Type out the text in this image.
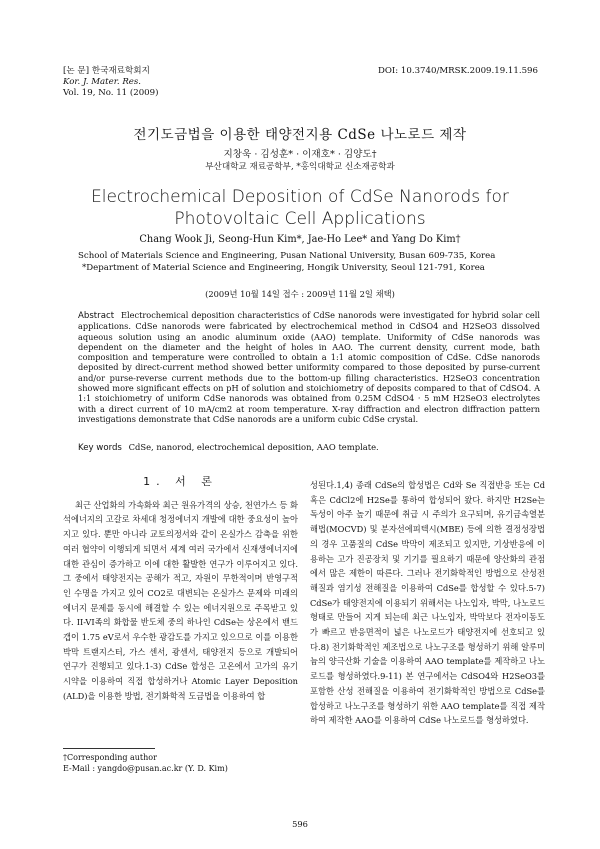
[논 문] 한국재료학회지
Kor. J. Mater. Res.
Vol. 19, No. 11 (2009)
DOI: 10.3740/MRSK.2009.19.11.596
전기도금법을 이용한 태양전지용 CdSe 나노로드 제작
지창욱 · 김성훈* · 이재호* · 김양도†
부산대학교 재료공학부, *홍익대학교 신소재공학과
Electrochemical Deposition of CdSe Nanorods for
Photovoltaic Cell Applications
Chang Wook Ji, Seong-Hun Kim*, Jae-Ho Lee* and Yang Do Kim†
School of Materials Science and Engineering, Pusan National University, Busan 609-735, Korea
*Department of Material Science and Engineering, Hongik University, Seoul 121-791, Korea
(2009년 10월 14일 접수 : 2009년 11월 2일 채택)
Abstract Electrochemical deposition characteristics of CdSe nanorods were investigated for hybrid solar cell applications. CdSe nanorods were fabricated by electrochemical method in CdSO4 and H2SeO3 dissolved aqueous solution using an anodic aluminum oxide (AAO) template. Uniformity of CdSe nanorods was dependent on the diameter and the height of holes in AAO. The current density, current mode, bath composition and temperature were controlled to obtain a 1:1 atomic composition of CdSe. CdSe nanorods deposited by direct-current method showed better uniformity compared to those deposited by purse-current and/or purse-reverse current methods due to the bottom-up filling characteristics. H2SeO3 concentration showed more significant effects on pH of solution and stoichiometry of deposits compared to that of CdSO4. A 1:1 stoichiometry of uniform CdSe nanorods was obtained from 0.25M CdSO4 · 5 mM H2SeO3 electrolytes with a direct current of 10 mA/cm2 at room temperature. X-ray diffraction and electron diffraction pattern investigations demonstrate that CdSe nanorods are a uniform cubic CdSe crystal.
Key words CdSe, nanorod, electrochemical deposition, AAO template.
1. 서 론

최근 산업화의 가속화와 최근 원유가격의 상승, 천연가스 등 화석에너지의 고갈로 차세대 청정에너지 개발에 대한 중요성이 높아지고 있다. 뿐만 아니라 교토의정서와 같이 온실가스 감축을 위한 여러 협약이 이행되게 되면서 세계 여러 국가에서 신재생에너지에 대한 관심이 증가하고 이에 대한 활발한 연구가 이루어지고 있다. 그 중에서 태양전지는 공해가 적고, 자원이 무한적이며 반영구적인 수명을 가지고 있어 CO2로 대변되는 온실가스 문제와 미래의 에너지 문제를 동시에 해결할 수 있는 에너지원으로 주목받고 있다. II-VI족의 화합물 반도체 중의 하나인 CdSe는 상온에서 밴드갭이 1.75 eV로서 우수한 광감도를 가지고 있으므로 이를 이용한 박막 트랜지스터, 가스 센서, 광센서, 태양전지 등으로 개발되어 연구가 진행되고 있다.1-3) CdSe 합성은 고온에서 고가의 유기 시약을 이용하여 직접 합성하거나 Atomic Layer Deposition (ALD)을 이용한 방법, 전기화학적 도금법을 이용하여 합

성된다.1,4) 종래 CdSe의 합성법은 Cd와 Se 직접반응 또는 Cd 혹은 CdCl2에 H2Se를 통하여 합성되어 왔다. 하지만 H2Se는 독성이 아주 높기 때문에 취급 시 주의가 요구되며, 유기금속열분해법(MOCVD) 및 분자선에피텍시(MBE) 등에 의한 결정성장법의 경우 고품질의 CdSe 박막이 제조되고 있지만, 기상반응에 이용하는 고가 진공장치 및 기기를 필요하기 때문에 양산화의 관점에서 많은 제한이 따른다. 그러나 전기화학적인 방법으로 산성전해질과 염기성 전해질을 이용하여 CdSe를 합성할 수 있다.5-7) CdSe가 태양전지에 이용되기 위해서는 나노입자, 박막, 나노로드 형태로 만들어 지게 되는데 최근 나노입자, 박막보다 전자이동도가 빠르고 반응면적이 넓은 나노로드가 태양전지에 선호되고 있다.8) 전기화학적인 제조법으로 나노구조를 형성하기 위해 알루미늄의 양극산화 기술을 이용하여 AAO template를 제작하고 나노로드를 형성하였다.9-11) 본 연구에서는 CdSO4와 H2SeO3를 포함한 산성 전해질을 이용하여 전기화학적인 방법으로 CdSe를 합성하고 나노구조를 형성하기 위한 AAO template를 직접 제작하여 제작한 AAO를 이용하여 CdSe 나노로드를 형성하였다.

†Corresponding author
E-Mail : yangdo@pusan.ac.kr (Y. D. Kim)
596
